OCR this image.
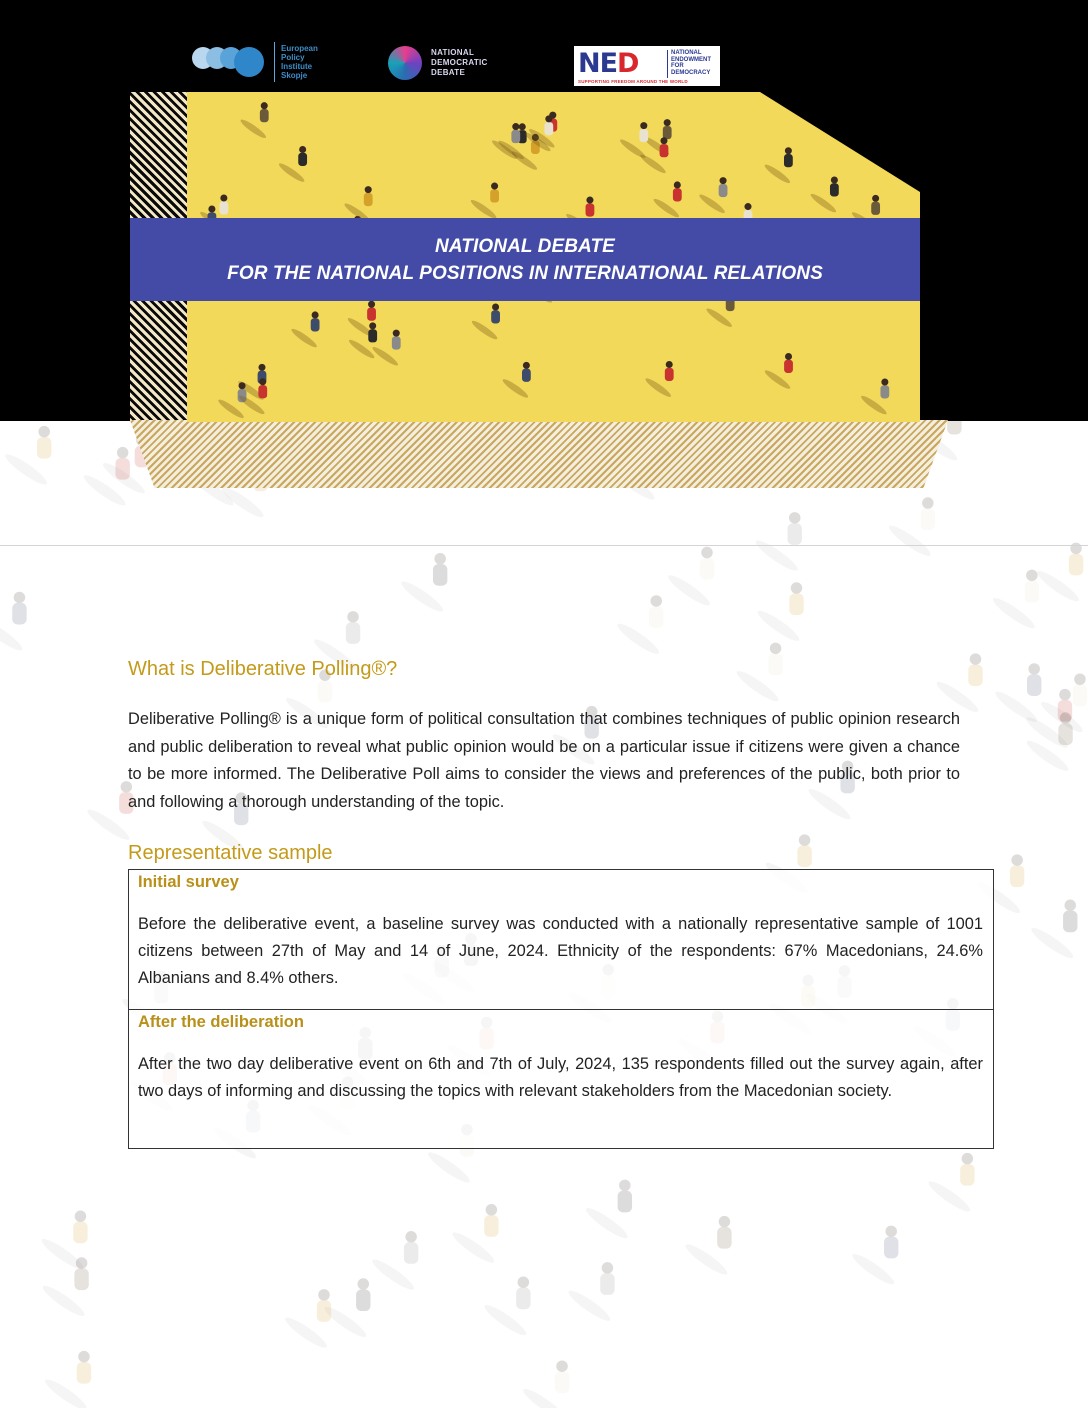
European
Policy
Institute
Skopje
NATIONAL
DEMOCRATIC
DEBATE	NED	NATIONAL
ENDOWMENT
FOR
DEMOCRACY
SUPPORTING FREEDOM AROUND THE WORLD
NATIONAL DEBATE
FOR THE NATIONAL POSITIONS IN INTERNATIONAL RELATIONS
What is Deliberative Polling®?
Deliberative Polling® is a unique form of political consultation that combines techniques of public opinion research and public deliberation to reveal what public opinion would be on a particular issue if citizens were given a chance to be more informed. The Deliberative Poll aims to consider the views and preferences of the public, both prior to and following a thorough understanding of the topic.
Representative sample
Initial survey

Before the deliberative event, a baseline survey was conducted with a nationally representative sample of 1001 citizens between 27th of May and 14 of June, 2024. Ethnicity of the respondents: 67% Macedonians, 24.6% Albanians and 8.4% others.

After the deliberation

After the two day deliberative event on 6th and 7th of July, 2024, 135 respondents filled out the survey again, after two days of informing and discussing the topics with relevant stakeholders from the Macedonian society.
